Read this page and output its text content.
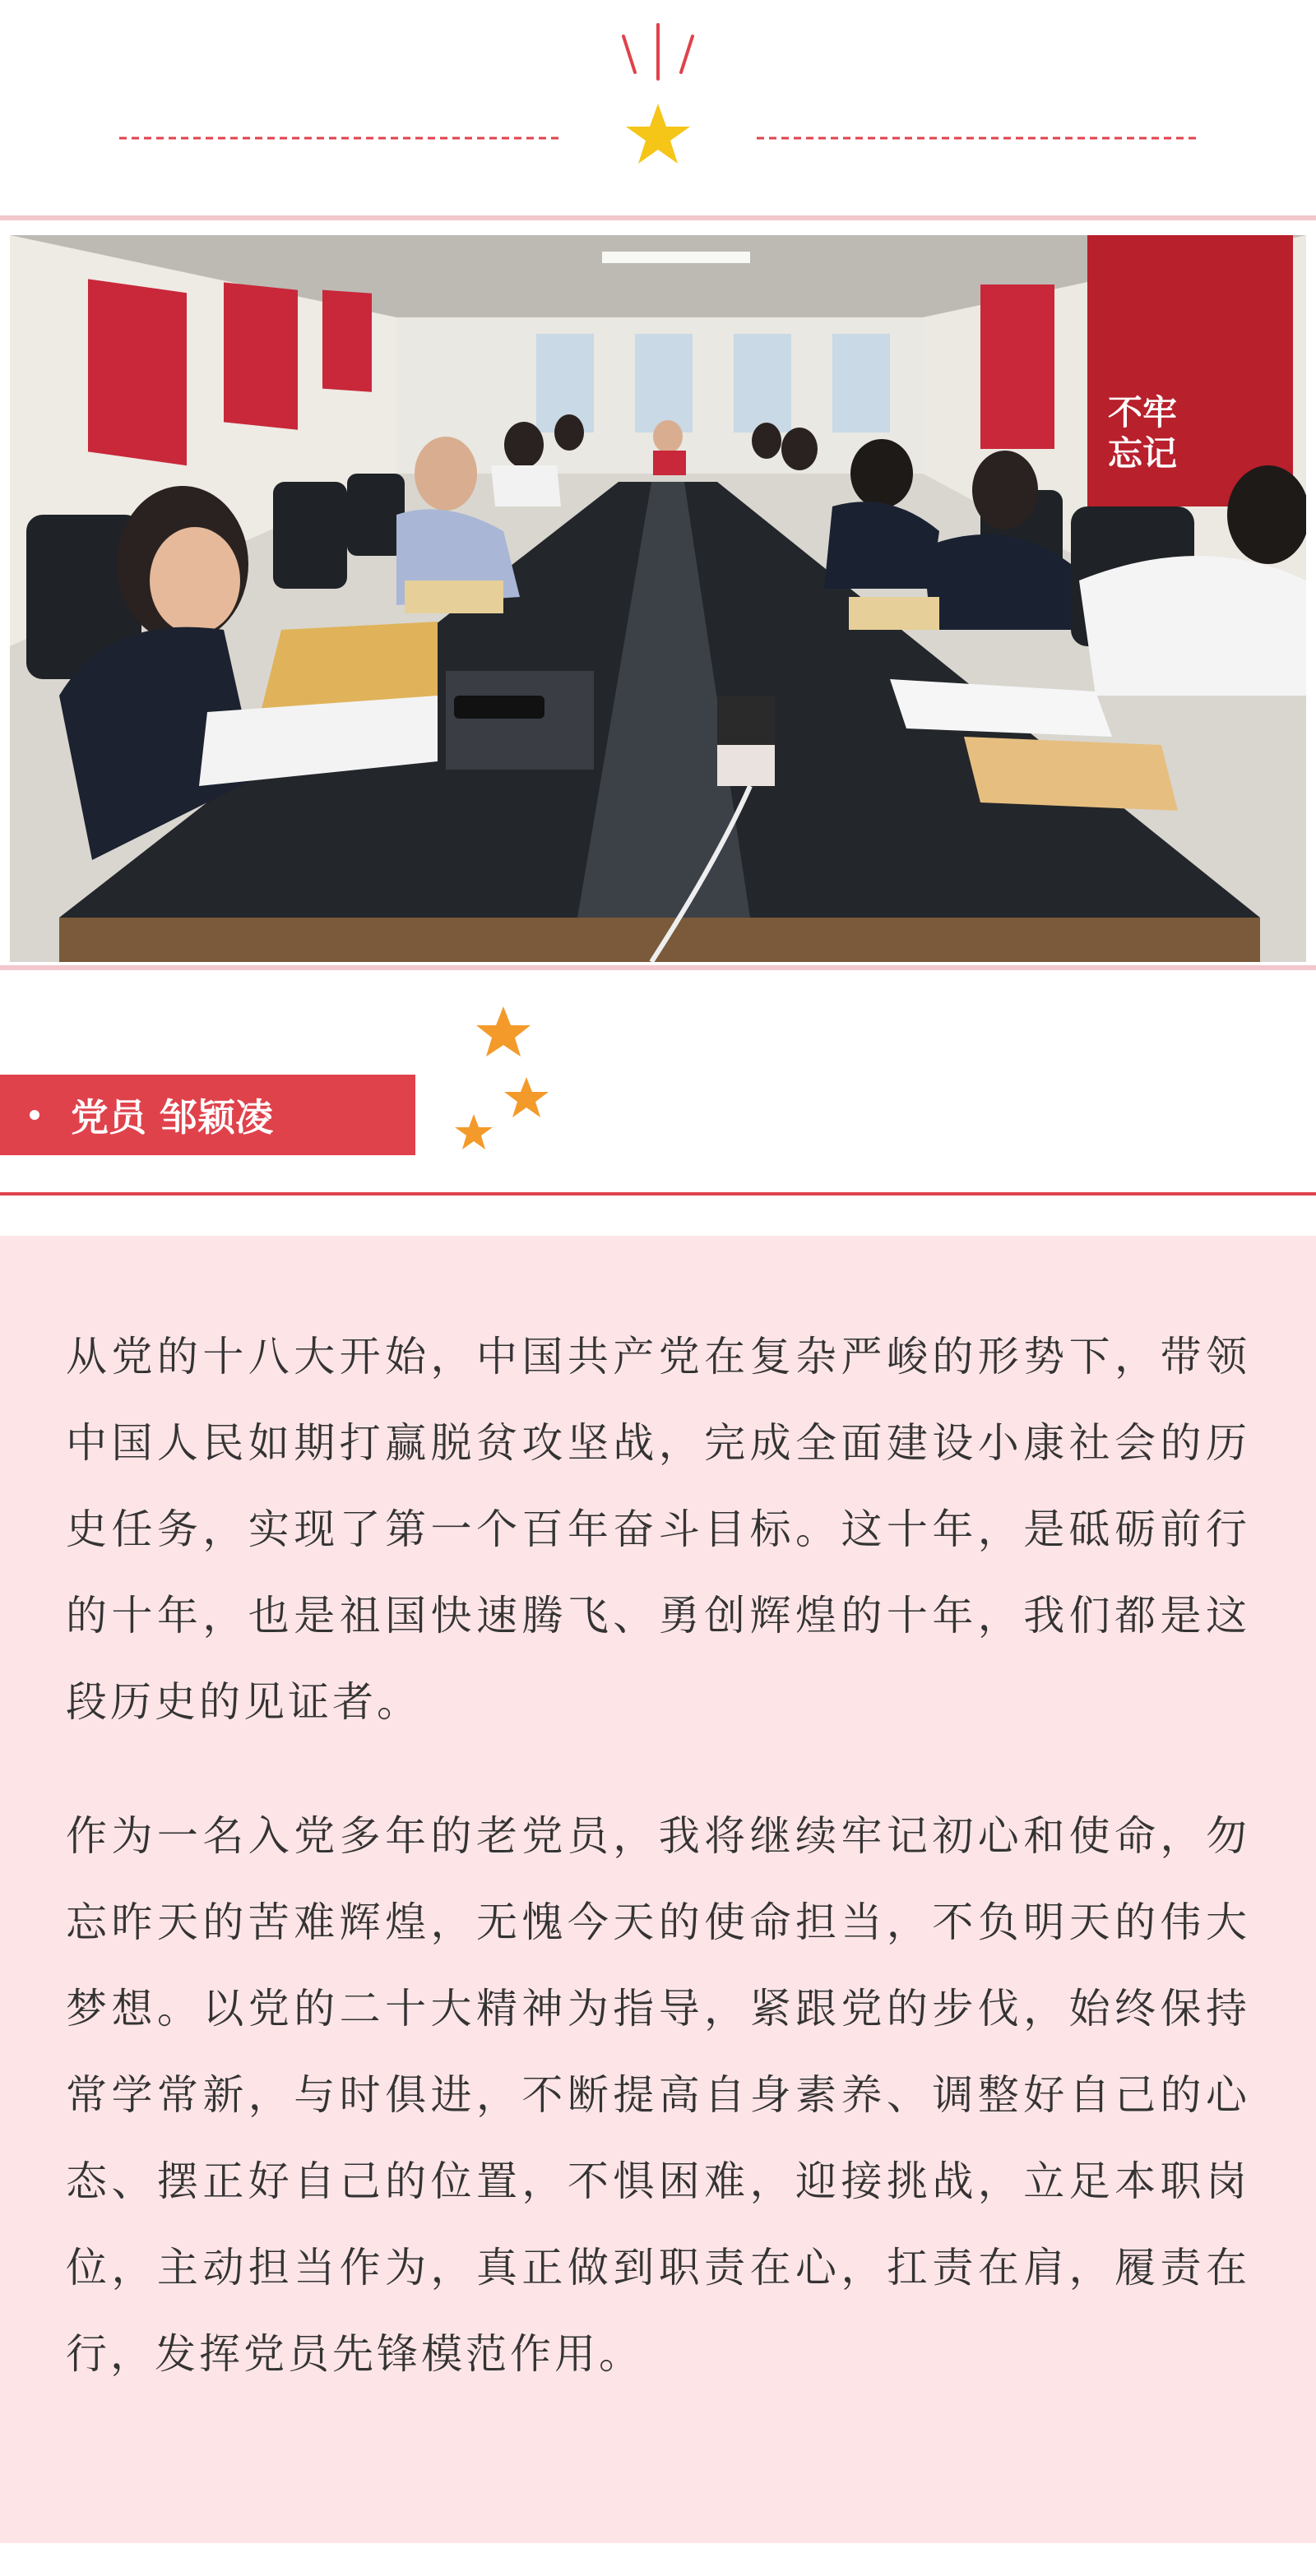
不牢
忘记
党员 邹颖凌

从党的十八大开始，中国共产党在复杂严峻的形势下，带领中国人民如期打赢脱贫攻坚战，完成全面建设小康社会的历史任务，实现了第一个百年奋斗目标。这十年，是砥砺前行的十年，也是祖国快速腾飞、勇创辉煌的十年，我们都是这段历史的见证者。

作为一名入党多年的老党员，我将继续牢记初心和使命，勿忘昨天的苦难辉煌，无愧今天的使命担当，不负明天的伟大梦想。以党的二十大精神为指导，紧跟党的步伐，始终保持常学常新，与时俱进，不断提高自身素养、调整好自己的心态、摆正好自己的位置，不惧困难，迎接挑战，立足本职岗位，主动担当作为，真正做到职责在心，扛责在肩，履责在行，发挥党员先锋模范作用。
